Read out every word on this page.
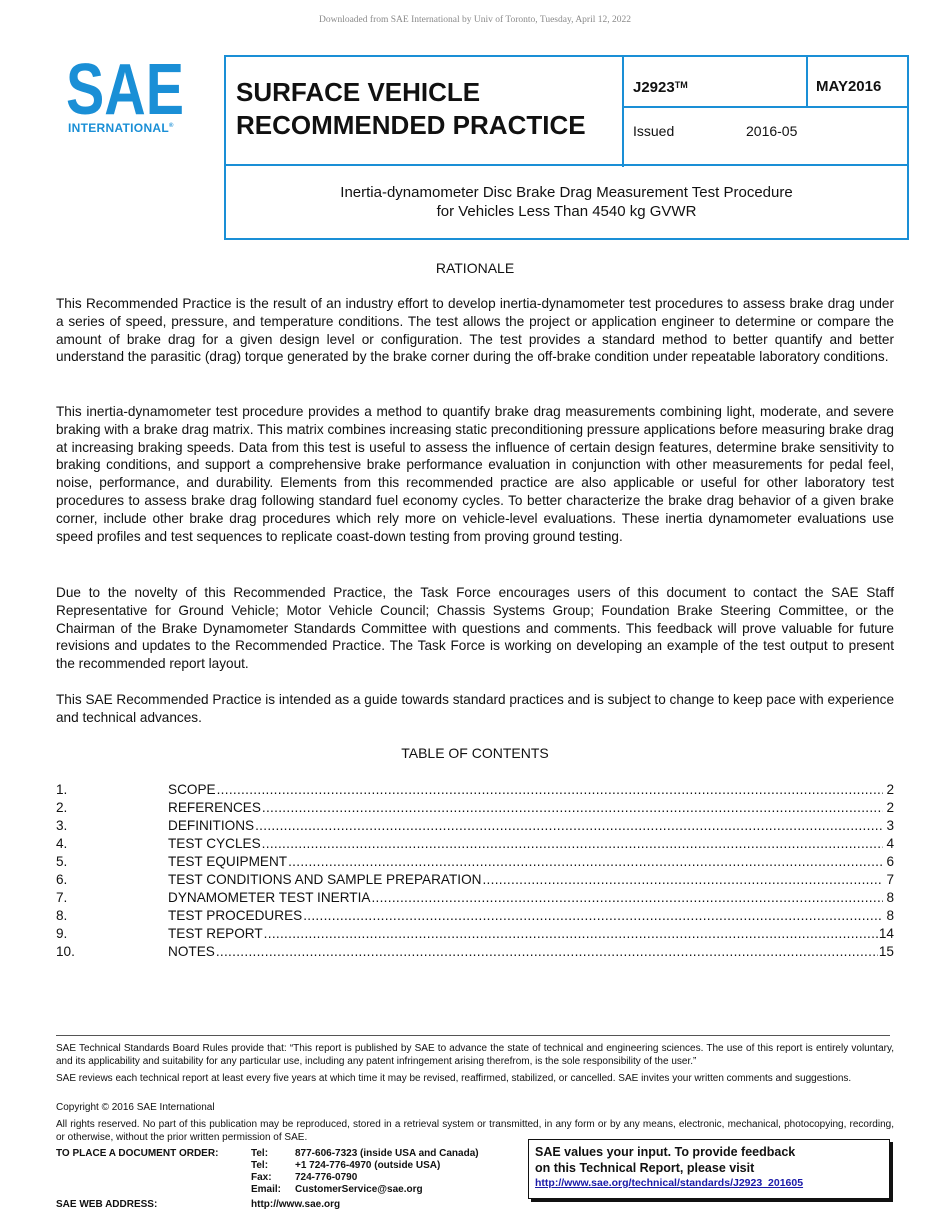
Downloaded from SAE International by Univ of Toronto, Tuesday, April 12, 2022
SAE
INTERNATIONAL®
SURFACE VEHICLE
RECOMMENDED PRACTICE
J2923™	MAY2016
Issued	2016-05
Inertia-dynamometer Disc Brake Drag Measurement Test Procedure
for Vehicles Less Than 4540 kg GVWR
RATIONALE
This Recommended Practice is the result of an industry effort to develop inertia-dynamometer test procedures to assess brake drag under a series of speed, pressure, and temperature conditions. The test allows the project or application engineer to determine or compare the amount of brake drag for a given design level or configuration. The test provides a standard method to better quantify and better understand the parasitic (drag) torque generated by the brake corner during the off-brake condition under repeatable laboratory conditions.
This inertia-dynamometer test procedure provides a method to quantify brake drag measurements combining light, moderate, and severe braking with a brake drag matrix. This matrix combines increasing static preconditioning pressure applications before measuring brake drag at increasing braking speeds. Data from this test is useful to assess the influence of certain design features, determine brake sensitivity to braking conditions, and support a comprehensive brake performance evaluation in conjunction with other measurements for pedal feel, noise, performance, and durability. Elements from this recommended practice are also applicable or useful for other laboratory test procedures to assess brake drag following standard fuel economy cycles. To better characterize the brake drag behavior of a given brake corner, include other brake drag procedures which rely more on vehicle-level evaluations. These inertia dynamometer evaluations use speed profiles and test sequences to replicate coast-down testing from proving ground testing.
Due to the novelty of this Recommended Practice, the Task Force encourages users of this document to contact the SAE Staff Representative for Ground Vehicle; Motor Vehicle Council; Chassis Systems Group; Foundation Brake Steering Committee, or the Chairman of the Brake Dynamometer Standards Committee with questions and comments. This feedback will prove valuable for future revisions and updates to the Recommended Practice. The Task Force is working on developing an example of the test output to present the recommended report layout.
This SAE Recommended Practice is intended as a guide towards standard practices and is subject to change to keep pace with experience and technical advances.
TABLE OF CONTENTS
1.	SCOPE .....	2
2.	REFERENCES .....	2
3.	DEFINITIONS .....	3
4.	TEST CYCLES .....	4
5.	TEST EQUIPMENT .....	6
6.	TEST CONDITIONS AND SAMPLE PREPARATION .....	7
7.	DYNAMOMETER TEST INERTIA .....	8
8.	TEST PROCEDURES .....	8
9.	TEST REPORT .....	14
10.	NOTES .....	15
SAE Technical Standards Board Rules provide that: “This report is published by SAE to advance the state of technical and engineering sciences. The use of this report is entirely voluntary, and its applicability and suitability for any particular use, including any patent infringement arising therefrom, is the sole responsibility of the user.”
SAE reviews each technical report at least every five years at which time it may be revised, reaffirmed, stabilized, or cancelled. SAE invites your written comments and suggestions.
Copyright © 2016 SAE International
All rights reserved. No part of this publication may be reproduced, stored in a retrieval system or transmitted, in any form or by any means, electronic, mechanical, photocopying, recording, or otherwise, without the prior written permission of SAE.
TO PLACE A DOCUMENT ORDER:	Tel:	877-606-7323 (inside USA and Canada)
Tel:	+1 724-776-4970 (outside USA)
Fax:	724-776-0790
Email:	CustomerService@sae.org
SAE WEB ADDRESS:	http://www.sae.org
SAE values your input. To provide feedback
on this Technical Report, please visit
http://www.sae.org/technical/standards/J2923_201605
